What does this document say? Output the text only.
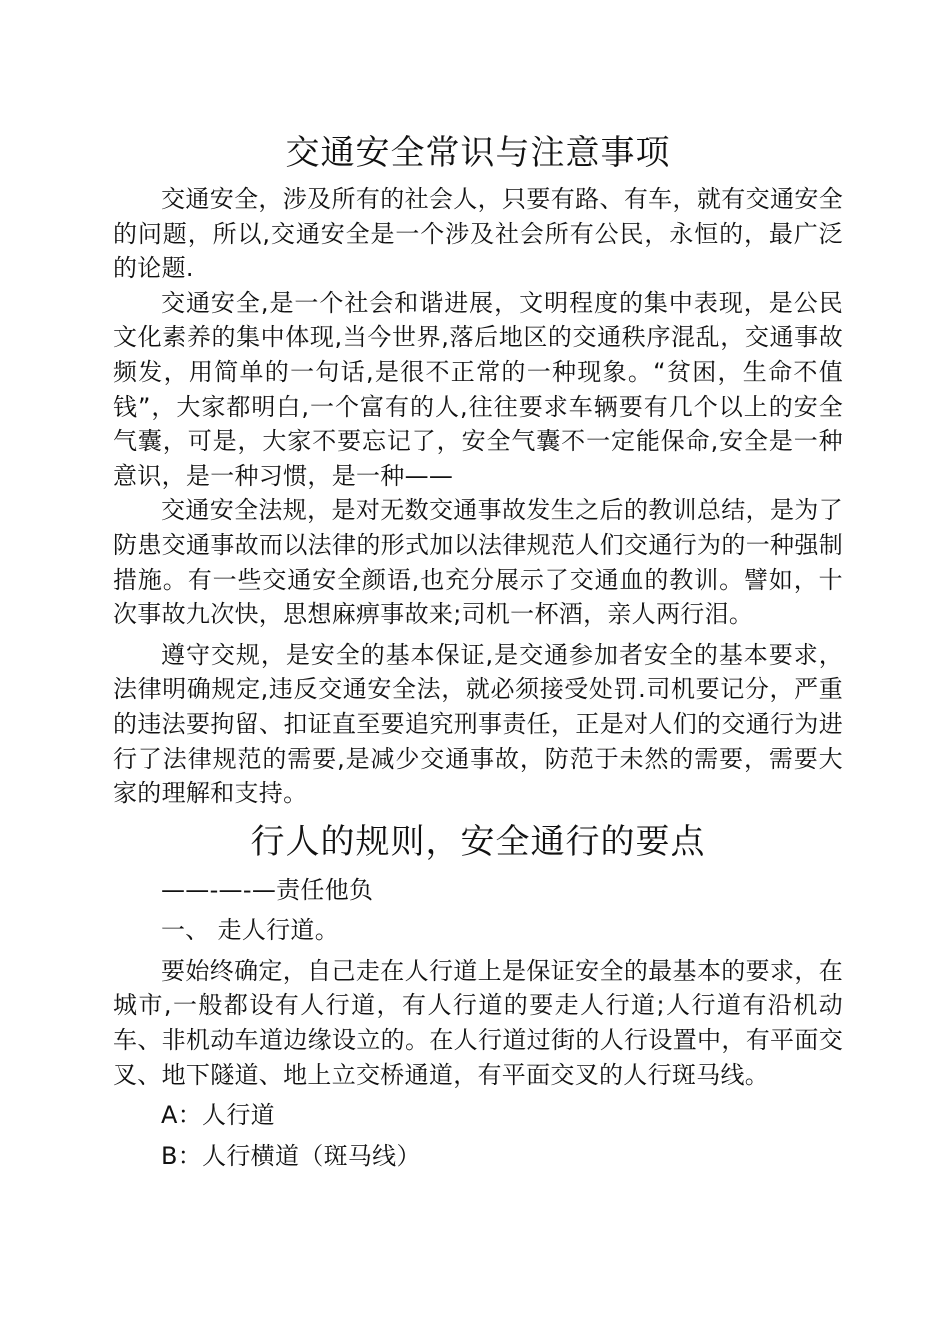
交通安全常识与注意事项

交通安全，涉及所有的社会人，只要有路、有车，就有交通安全的问题，所以,交通安全是一个涉及社会所有公民，永恒的，最广泛的论题.

交通安全,是一个社会和谐进展，文明程度的集中表现，是公民文化素养的集中体现,当今世界,落后地区的交通秩序混乱，交通事故频发，用简单的一句话,是很不正常的一种现象。“贫困，生命不值钱”，大家都明白,一个富有的人,往往要求车辆要有几个以上的安全气囊，可是，大家不要忘记了，安全气囊不一定能保命,安全是一种意识，是一种习惯，是一种——

交通安全法规，是对无数交通事故发生之后的教训总结，是为了防患交通事故而以法律的形式加以法律规范人们交通行为的一种强制措施。有一些交通安全颜语,也充分展示了交通血的教训。譬如，十次事故九次快，思想麻痹事故来;司机一杯酒，亲人两行泪。

遵守交规，是安全的基本保证,是交通参加者安全的基本要求，法律明确规定,违反交通安全法，就必须接受处罚.司机要记分，严重的违法要拘留、扣证直至要追究刑事责任，正是对人们的交通行为进行了法律规范的需要,是减少交通事故，防范于未然的需要，需要大家的理解和支持。

行人的规则，安全通行的要点

——-—-—责任他负

一、 走人行道。

要始终确定，自己走在人行道上是保证安全的最基本的要求，在城市,一般都设有人行道，有人行道的要走人行道;人行道有沿机动车、非机动车道边缘设立的。在人行道过街的人行设置中，有平面交叉、地下隧道、地上立交桥通道，有平面交叉的人行斑马线。

A：人行道

B：人行横道（斑马线）
